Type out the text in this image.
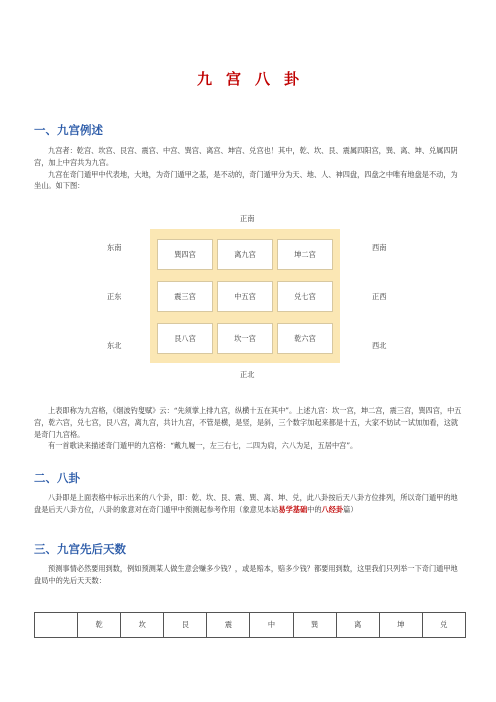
九宫八卦
一、九宫例述

九宫者：乾宫、坎宫、艮宫、震宫、中宫、巽宫、离宫、坤宫、兑宫也！其中，乾、坎、艮、震属四阳宫，巽、离、坤、兑属四阴宫，加上中宫共为九宫。

九宫在奇门遁甲中代表地，大地，为奇门遁甲之基，是不动的，奇门遁甲分为天、地、人、神四盘，四盘之中唯有地盘是不动，为坐山。如下图：

正南
正北
东南
正东
东北
西南
正西
西北
巽四宫	离九宫	坤二宫
震三宫	中五宫	兑七宫
艮八宫	坎一宫	乾六宫

上表即称为九宫格，《烟波钓叟赋》云：“先须掌上排九宫，纵横十五在其中”。上述九宫：坎一宫，坤二宫，震三宫，巽四宫，中五宫，乾六宫，兑七宫，艮八宫，离九宫，共计九宫，不管是横，是竖，是斜，三个数字加起来都是十五，大家不妨试一试加加看，这就是奇门九宫格。

有一首歌诀来描述奇门遁甲的九宫格：“戴九履一，左三右七，二四为肩，六八为足，五居中宫”。

二、八卦

八卦即是上面表格中标示出来的八个卦，即：乾、坎、艮、震、巽、离、坤、兑，此八卦按后天八卦方位排列，所以奇门遁甲的地盘是后天八卦方位，八卦的象意对在奇门遁甲中预测起参考作用（象意见本站易学基础中的八经卦篇）

三、九宫先后天数

预测事情必然要用到数，例如预测某人做生意会赚多少钱？，或是赔本，赔多少钱？都要用到数，这里我们只列举一下奇门遁甲地盘局中的先后天天数：

乾	坎	艮	震	中	巽	离	坤	兑
